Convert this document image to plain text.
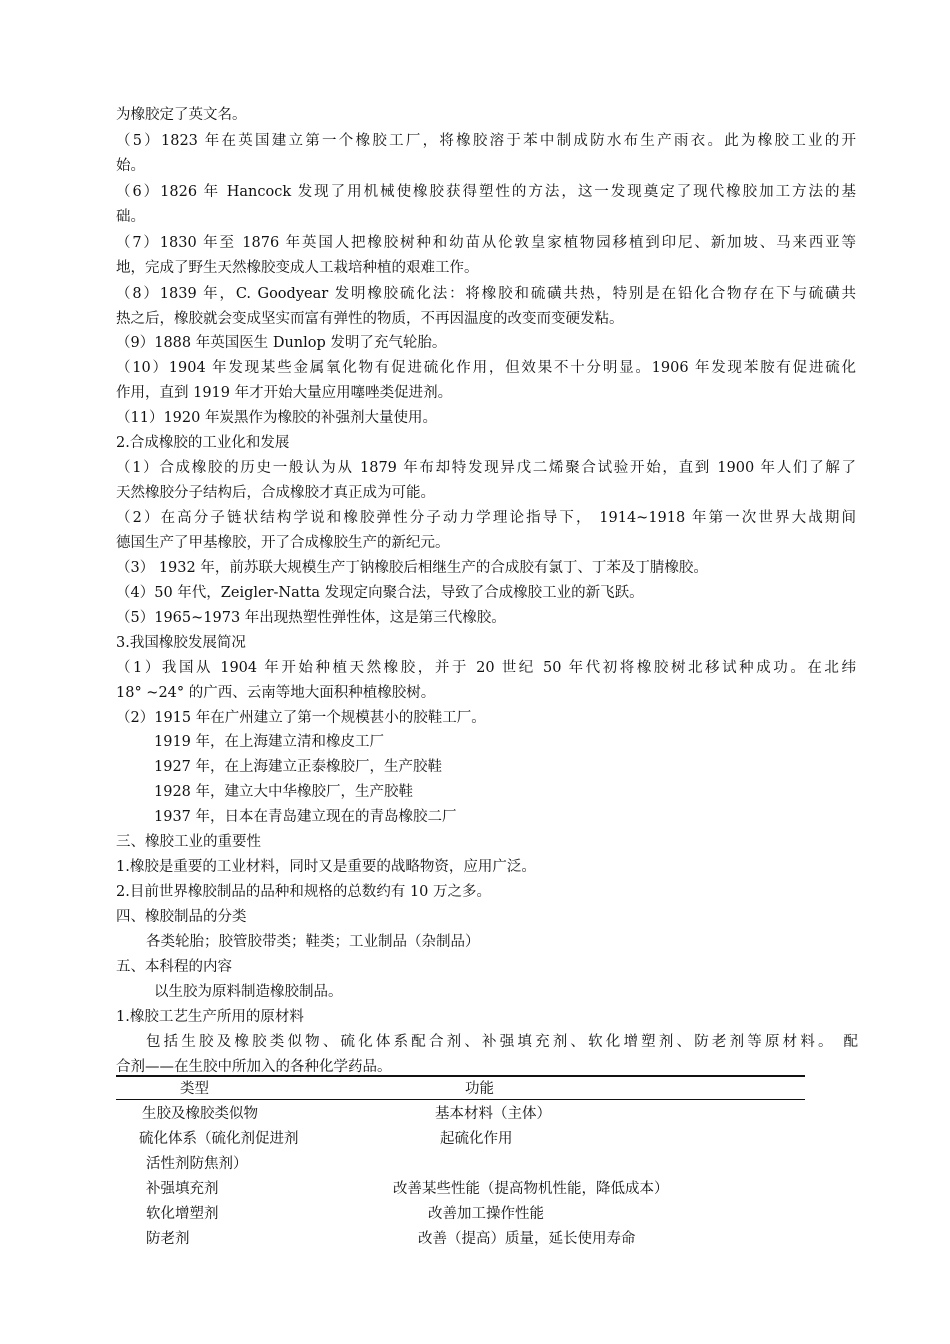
为橡胶定了英文名。
（5）1823 年在英国建立第一个橡胶工厂，将橡胶溶于苯中制成防水布生产雨衣。此为橡胶工业的开
始。
（6）1826 年 Hancock 发现了用机械使橡胶获得塑性的方法，这一发现奠定了现代橡胶加工方法的基
础。
（7）1830 年至 1876 年英国人把橡胶树种和幼苗从伦敦皇家植物园移植到印尼、新加坡、马来西亚等
地，完成了野生天然橡胶变成人工栽培种植的艰难工作。
（8）1839 年，C. Goodyear 发明橡胶硫化法：将橡胶和硫磺共热，特别是在铅化合物存在下与硫磺共
热之后，橡胶就会变成坚实而富有弹性的物质，不再因温度的改变而变硬发粘。
（9）1888 年英国医生 Dunlop 发明了充气轮胎。
（10）1904 年发现某些金属氧化物有促进硫化作用，但效果不十分明显。1906 年发现苯胺有促进硫化
作用，直到 1919 年才开始大量应用噻唑类促进剂。
（11）1920 年炭黑作为橡胶的补强剂大量使用。
2.合成橡胶的工业化和发展
（1）合成橡胶的历史一般认为从 1879 年布却特发现异戊二烯聚合试验开始，直到 1900 年人们了解了
天然橡胶分子结构后，合成橡胶才真正成为可能。
（2）在高分子链状结构学说和橡胶弹性分子动力学理论指导下， 1914~1918 年第一次世界大战期间
德国生产了甲基橡胶，开了合成橡胶生产的新纪元。
（3） 1932 年，前苏联大规模生产丁钠橡胶后相继生产的合成胶有氯丁、丁苯及丁腈橡胶。
（4）50 年代，Zeigler-Natta 发现定向聚合法，导致了合成橡胶工业的新飞跃。
（5）1965~1973 年出现热塑性弹性体，这是第三代橡胶。
3.我国橡胶发展简况
（1）我国从 1904 年开始种植天然橡胶，并于 20 世纪 50 年代初将橡胶树北移试种成功。在北纬
18° ~24° 的广西、云南等地大面积种植橡胶树。
（2）1915 年在广州建立了第一个规模甚小的胶鞋工厂。
1919 年，在上海建立清和橡皮工厂
1927 年，在上海建立正泰橡胶厂，生产胶鞋
1928 年，建立大中华橡胶厂，生产胶鞋
1937 年，日本在青岛建立现在的青岛橡胶二厂
三、橡胶工业的重要性
1.橡胶是重要的工业材料，同时又是重要的战略物资，应用广泛。
2.目前世界橡胶制品的品种和规格的总数约有 10 万之多。
四、橡胶制品的分类
各类轮胎；胶管胶带类；鞋类；工业制品（杂制品）
五、本科程的内容
以生胶为原料制造橡胶制品。
1.橡胶工艺生产所用的原材料
包括生胶及橡胶类似物、硫化体系配合剂、补强填充剂、软化增塑剂、防老剂等原材料。 配
合剂——在生胶中所加入的各种化学药品。
类型	功能
生胶及橡胶类似物	基本材料（主体）
硫化体系（硫化剂促进剂	起硫化作用
活性剂防焦剂）
补强填充剂	改善某些性能（提高物机性能，降低成本）
软化增塑剂	改善加工操作性能
防老剂	改善（提高）质量，延长使用寿命
